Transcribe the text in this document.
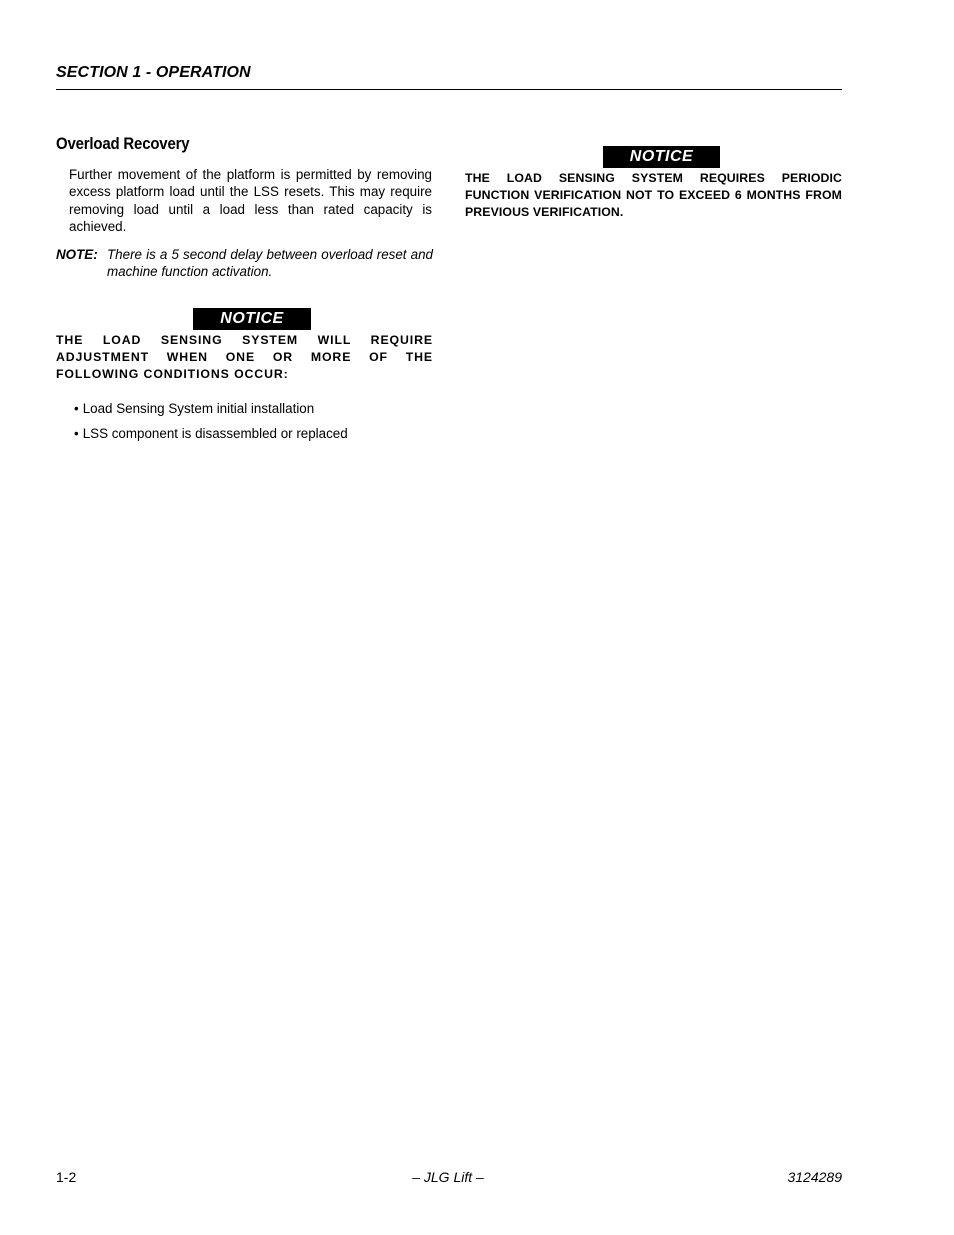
SECTION 1 - OPERATION
Overload Recovery
Further movement of the platform is permitted by removing excess platform load until the LSS resets. This may require removing load until a load less than rated capacity is achieved.
NOTE: There is a 5 second delay between overload reset and machine function activation.
NOTICE
THE LOAD SENSING SYSTEM WILL REQUIRE ADJUSTMENT WHEN ONE OR MORE OF THE FOLLOWING CONDITIONS OCCUR:
• Load Sensing System initial installation
• LSS component is disassembled or replaced
NOTICE
THE LOAD SENSING SYSTEM REQUIRES PERIODIC FUNCTION VERIFICATION NOT TO EXCEED 6 MONTHS FROM PREVIOUS VERIFICATION.
1-2	– JLG Lift –	3124289
